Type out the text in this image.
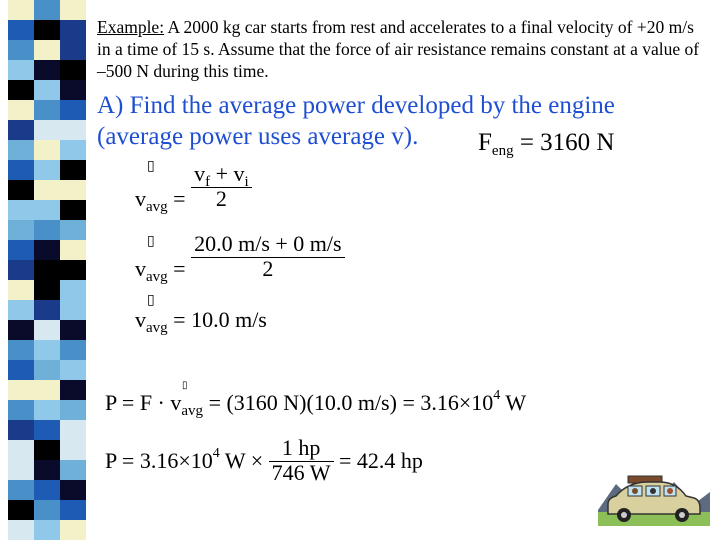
Example: A 2000 kg car starts from rest and accelerates to a final velocity of +20 m/s in a time of 15 s. Assume that the force of air resistance remains constant at a value of –500 N during this time.
A) Find the average power developed by the engine (average power uses average v).	$F_{eng} = 3160$ N
▯
$v_{avg} = \frac{v_f + v_i}{2}$
▯
$v_{avg} = \frac{20.0 m/s + 0 m/s}{2}$
▯
$v_{avg} = 10.0$ m/s
▯
$P = F \cdot v_{avg} = (3160$ N)(10.0 $m/s) = 3.16\times 10^4$ W
$P = 3.16\times 10^4$ $W \times \frac{1 hp}{746 W} = 42.4$ hp
